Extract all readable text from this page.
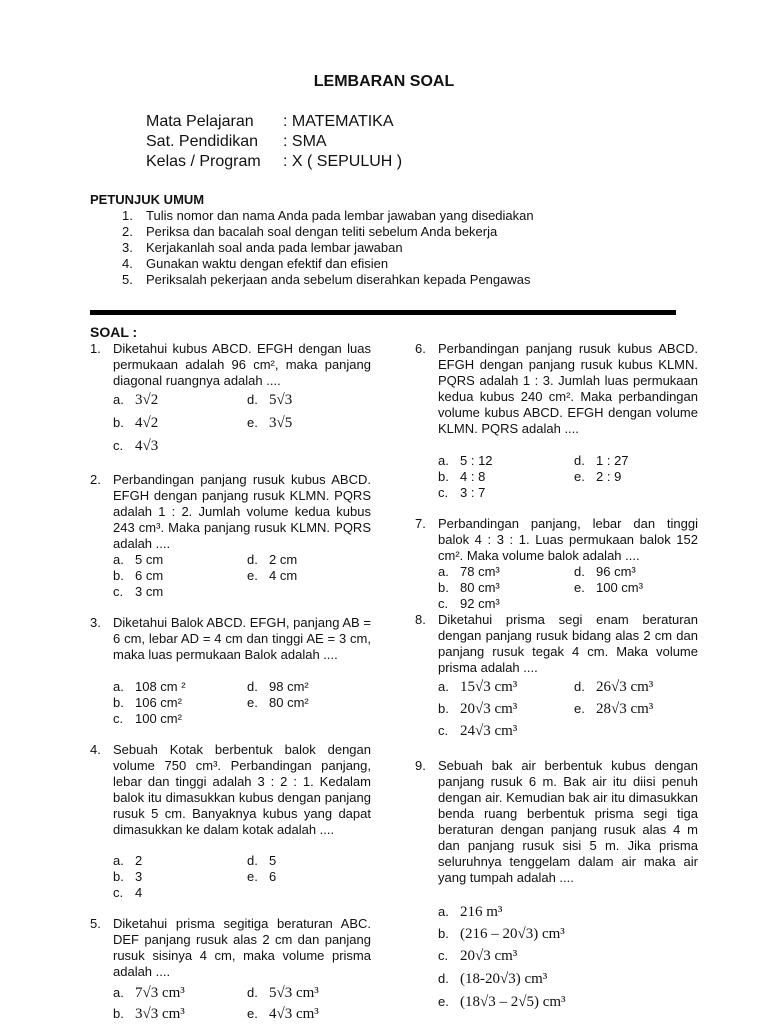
LEMBARAN SOAL
Mata Pelajaran	: MATEMATIKA
Sat. Pendidikan	: SMA
Kelas / Program	: X ( SEPULUH )
PETUNJUK UMUM
1.	Tulis nomor dan nama Anda pada lembar jawaban yang disediakan
2.	Periksa dan bacalah soal dengan teliti sebelum Anda bekerja
3.	Kerjakanlah soal anda pada lembar jawaban
4.	Gunakan waktu dengan efektif dan efisien
5.	Periksalah pekerjaan anda sebelum diserahkan kepada Pengawas
SOAL :
1. Diketahui kubus ABCD. EFGH dengan luas permukaan adalah 96 cm², maka panjang diagonal ruangnya adalah ....
a. 3√2	d. 5√3
b. 4√2	e. 3√5
c. 4√3
2. Perbandingan panjang rusuk kubus ABCD. EFGH dengan panjang rusuk KLMN. PQRS adalah 1 : 2. Jumlah volume kedua kubus 243 cm³. Maka panjang rusuk KLMN. PQRS adalah ....
a. 5 cm	d. 2 cm
b. 6 cm	e. 4 cm
c. 3 cm
3. Diketahui Balok ABCD. EFGH, panjang AB = 6 cm, lebar AD = 4 cm dan tinggi AE = 3 cm, maka luas permukaan Balok adalah ....
a. 108 cm ²	d. 98 cm²
b. 106 cm²	e. 80 cm²
c. 100 cm²
4. Sebuah Kotak berbentuk balok dengan volume 750 cm³. Perbandingan panjang, lebar dan tinggi adalah 3 : 2 : 1. Kedalam balok itu dimasukkan kubus dengan panjang rusuk 5 cm. Banyaknya kubus yang dapat dimasukkan ke dalam kotak adalah ....
a. 2	d. 5
b. 3	e. 6
c. 4
5. Diketahui prisma segitiga beraturan ABC. DEF panjang rusuk alas 2 cm dan panjang rusuk sisinya 4 cm, maka volume prisma adalah ....
a. 7√3 cm³	d. 5√3 cm³
b. 3√3 cm³	e. 4√3 cm³
6. Perbandingan panjang rusuk kubus ABCD. EFGH dengan panjang rusuk kubus KLMN. PQRS adalah 1 : 3. Jumlah luas permukaan kedua kubus 240 cm². Maka perbandingan volume kubus ABCD. EFGH dengan volume KLMN. PQRS adalah ....
a. 5 : 12	d. 1 : 27
b. 4 : 8	e. 2 : 9
c. 3 : 7
7. Perbandingan panjang, lebar dan tinggi balok 4 : 3 : 1. Luas permukaan balok 152 cm². Maka volume balok adalah ....
a. 78 cm³	d. 96 cm³
b. 80 cm³	e. 100 cm³
c. 92 cm³
8. Diketahui prisma segi enam beraturan dengan panjang rusuk bidang alas 2 cm dan panjang rusuk tegak 4 cm. Maka volume prisma adalah ....
a. 15√3 cm³	d. 26√3 cm³
b. 20√3 cm³	e. 28√3 cm³
c. 24√3 cm³
9. Sebuah bak air berbentuk kubus dengan panjang rusuk 6 m. Bak air itu diisi penuh dengan air. Kemudian bak air itu dimasukkan benda ruang berbentuk prisma segi tiga beraturan dengan panjang rusuk alas 4 m dan panjang rusuk sisi 5 m. Jika prisma seluruhnya tenggelam dalam air maka air yang tumpah adalah ....
a. 216 m³
b. (216 – 20√3) cm³
c. 20√3 cm³
d. (18-20√3) cm³
e. (18√3 – 2√5) cm³
